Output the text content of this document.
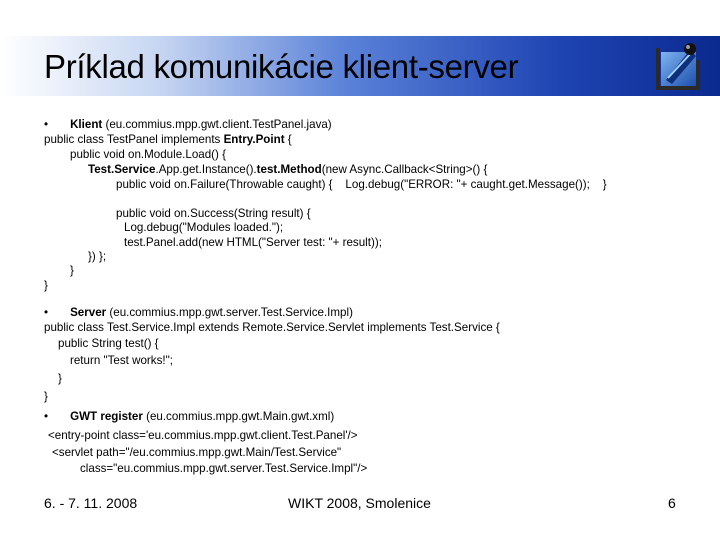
Príklad komunikácie klient-server
• Klient (eu.commius.mpp.gwt.client.TestPanel.java)
public class TestPanel implements Entry.Point {
public void on.Module.Load() {
Test.Service.App.get.Instance().test.Method(new Async.Callback<String>() {
public void on.Failure(Throwable caught) {    Log.debug("ERROR: "+ caught.get.Message());    }
public void on.Success(String result) {
Log.debug("Modules loaded.");
test.Panel.add(new HTML("Server test: "+ result));
}) };
}
}
• Server (eu.commius.mpp.gwt.server.Test.Service.Impl)
public class Test.Service.Impl extends Remote.Service.Servlet implements Test.Service {
public String test() {
return "Test works!";
}
}
• GWT register (eu.commius.mpp.gwt.Main.gwt.xml)
<entry-point class='eu.commius.mpp.gwt.client.Test.Panel'/>
<servlet path="/eu.commius.mpp.gwt.Main/Test.Service"
class="eu.commius.mpp.gwt.server.Test.Service.Impl"/>
6. - 7. 11. 2008	WIKT 2008, Smolenice	6
